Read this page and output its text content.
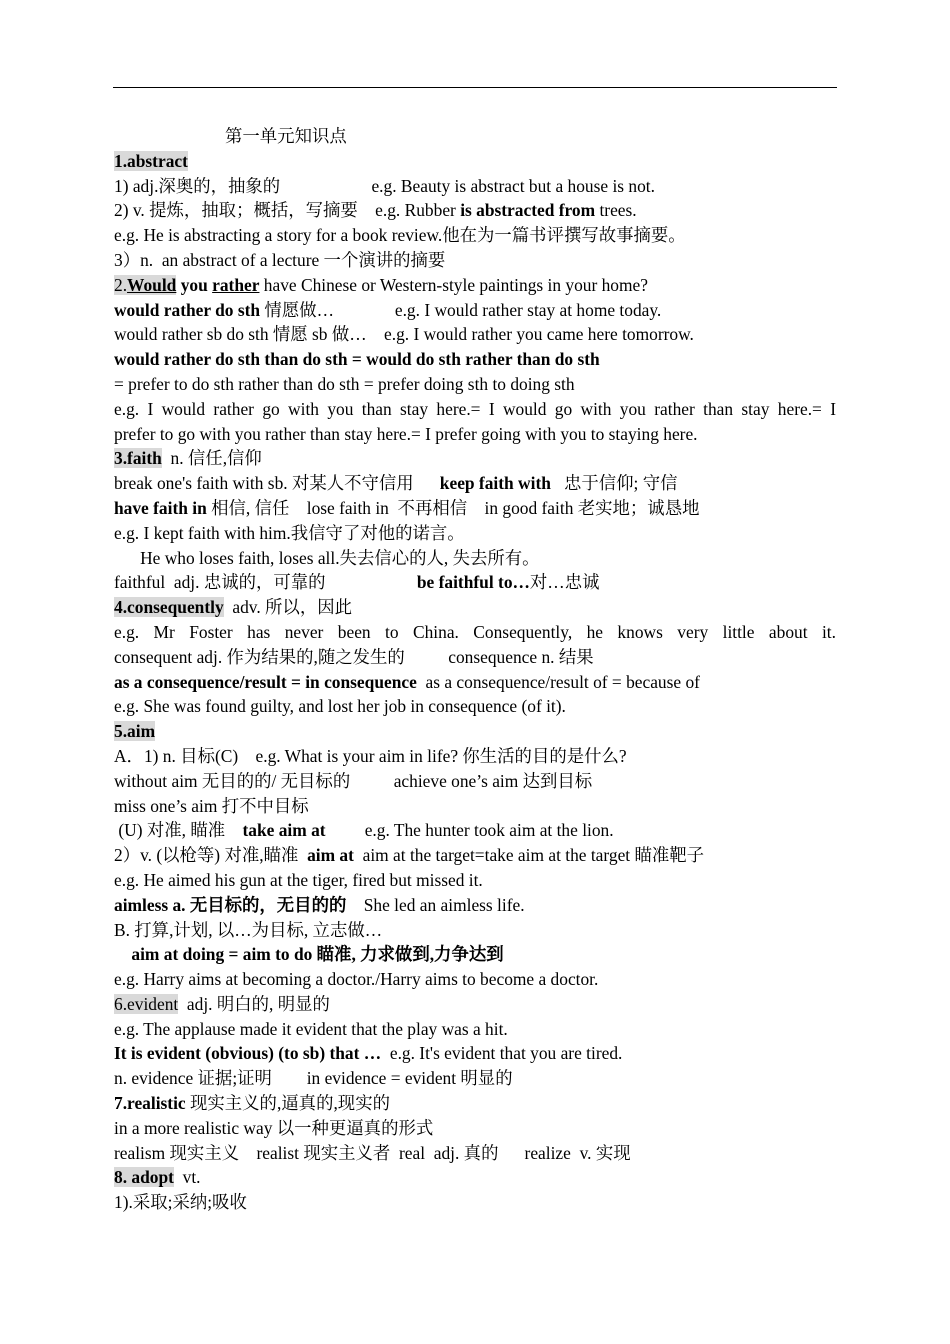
第一单元知识点
1.abstract
1) adj.深奥的，抽象的                     e.g. Beauty is abstract but a house is not.
2) v. 提炼，抽取；概括，写摘要    e.g. Rubber is abstracted from trees.
e.g. He is abstracting a story for a book review.他在为一篇书评撰写故事摘要。
3）n.  an abstract of a lecture 一个演讲的摘要
2.Would you rather have Chinese or Western-style paintings in your home?
would rather do sth 情愿做…              e.g. I would rather stay at home today.
would rather sb do sth 情愿 sb 做…    e.g. I would rather you came here tomorrow.
would rather do sth than do sth = would do sth rather than do sth
= prefer to do sth rather than do sth = prefer doing sth to doing sth
e.g. I would rather go with you than stay here.= I would go with you rather than stay here.= I
prefer to go with you rather than stay here.= I prefer going with you to staying here.
3.faith  n. 信任,信仰
break one's faith with sb. 对某人不守信用      keep faith with   忠于信仰; 守信
have faith in 相信, 信任    lose faith in  不再相信    in good faith 老实地；诚恳地
e.g. I kept faith with him.我信守了对他的诺言。
He who loses faith, loses all.失去信心的人, 失去所有。
faithful  adj. 忠诚的，可靠的                     be faithful to…对…忠诚
4.consequently  adv. 所以，因此
e.g. Mr Foster has never been to China. Consequently, he knows very little about it.
consequent adj. 作为结果的,随之发生的          consequence n. 结果
as a consequence/result = in consequence  as a consequence/result of = because of
e.g. She was found guilty, and lost her job in consequence (of it).
5.aim
A．1) n. 目标(C)    e.g. What is your aim in life? 你生活的目的是什么?
without aim 无目的的/ 无目标的          achieve one’s aim 达到目标
miss one’s aim 打不中目标
(U) 对准, 瞄准    take aim at         e.g. The hunter took aim at the lion.
2）v. (以枪等) 对准,瞄准  aim at  aim at the target=take aim at the target 瞄准靶子
e.g. He aimed his gun at the tiger, fired but missed it.
aimless a. 无目标的，无目的的    She led an aimless life.
B. 打算,计划, 以…为目标, 立志做…
aim at doing = aim to do 瞄准, 力求做到,力争达到
e.g. Harry aims at becoming a doctor./Harry aims to become a doctor.
6.evident  adj. 明白的, 明显的
e.g. The applause made it evident that the play was a hit.
It is evident (obvious) (to sb) that …  e.g. It's evident that you are tired.
n. evidence 证据;证明        in evidence = evident 明显的
7.realistic 现实主义的,逼真的,现实的
in a more realistic way 以一种更逼真的形式
realism 现实主义    realist 现实主义者  real  adj. 真的      realize  v. 实现
8. adopt  vt.
1).采取;采纳;吸收
